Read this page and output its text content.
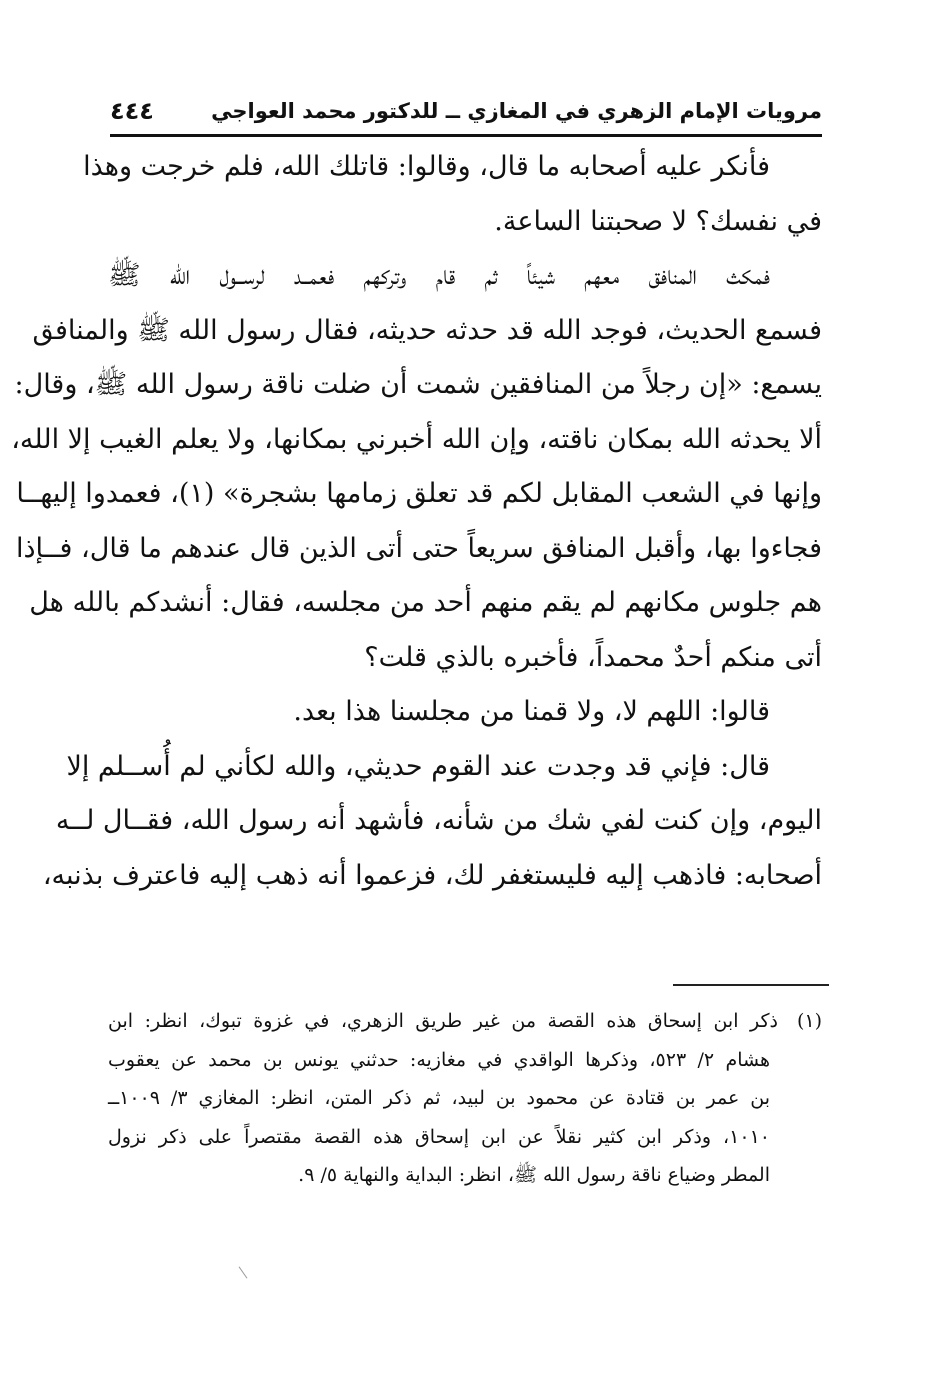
مرويات الإمام الزهري في المغازي ــ للدكتور محمد العواجي
٤٤٤
فأنكر عليه أصحابه ما قال، وقالوا: قاتلك الله، فلم خرجت وهذا
في نفسك؟ لا صحبتنا الساعة.
فمكث المنافق معهم شيئاً ثم قام وتركهم فعمــد لرســول الله ﷺ
فسمع الحديث، فوجد الله قد حدثه حديثه، فقال رسول الله ﷺ والمنافق
يسمع: «إن رجلاً من المنافقين شمت أن ضلت ناقة رسول الله ﷺ، وقال:
ألا يحدثه الله بمكان ناقته، وإن الله أخبرني بمكانها، ولا يعلم الغيب إلا الله،
وإنها في الشعب المقابل لكم قد تعلق زمامها بشجرة» (١)، فعمدوا إليهــا
فجاءوا بها، وأقبل المنافق سريعاً حتى أتى الذين قال عندهم ما قال، فــإذا
هم جلوس مكانهم لم يقم منهم أحد من مجلسه، فقال: أنشدكم بالله هل
أتى منكم أحدٌ محمداً، فأخبره بالذي قلت؟
قالوا: اللهم لا، ولا قمنا من مجلسنا هذا بعد.
قال: فإني قد وجدت عند القوم حديثي، والله لكأني لم أُســلم إلا
اليوم، وإن كنت لفي شك من شأنه، فأشهد أنه رسول الله، فقــال لــه
أصحابه: فاذهب إليه فليستغفر لك، فزعموا أنه ذهب إليه فاعترف بذنبه،
(١)
ذكر ابن إسحاق هذه القصة من غير طريق الزهري، في غزوة تبوك، انظر: ابن
هشام ٢/ ٥٢٣، وذكرها الواقدي في مغازيه: حدثني يونس بن محمد عن يعقوب
بن عمر بن قتادة عن محمود بن لبيد، ثم ذكر المتن، انظر: المغازي ٣/ ١٠٠٩ــ
١٠١٠، وذكر ابن كثير نقلاً عن ابن إسحاق هذه القصة مقتصراً على ذكر نزول
المطر وضياع ناقة رسول الله ﷺ، انظر: البداية والنهاية ٥/ ٩.
